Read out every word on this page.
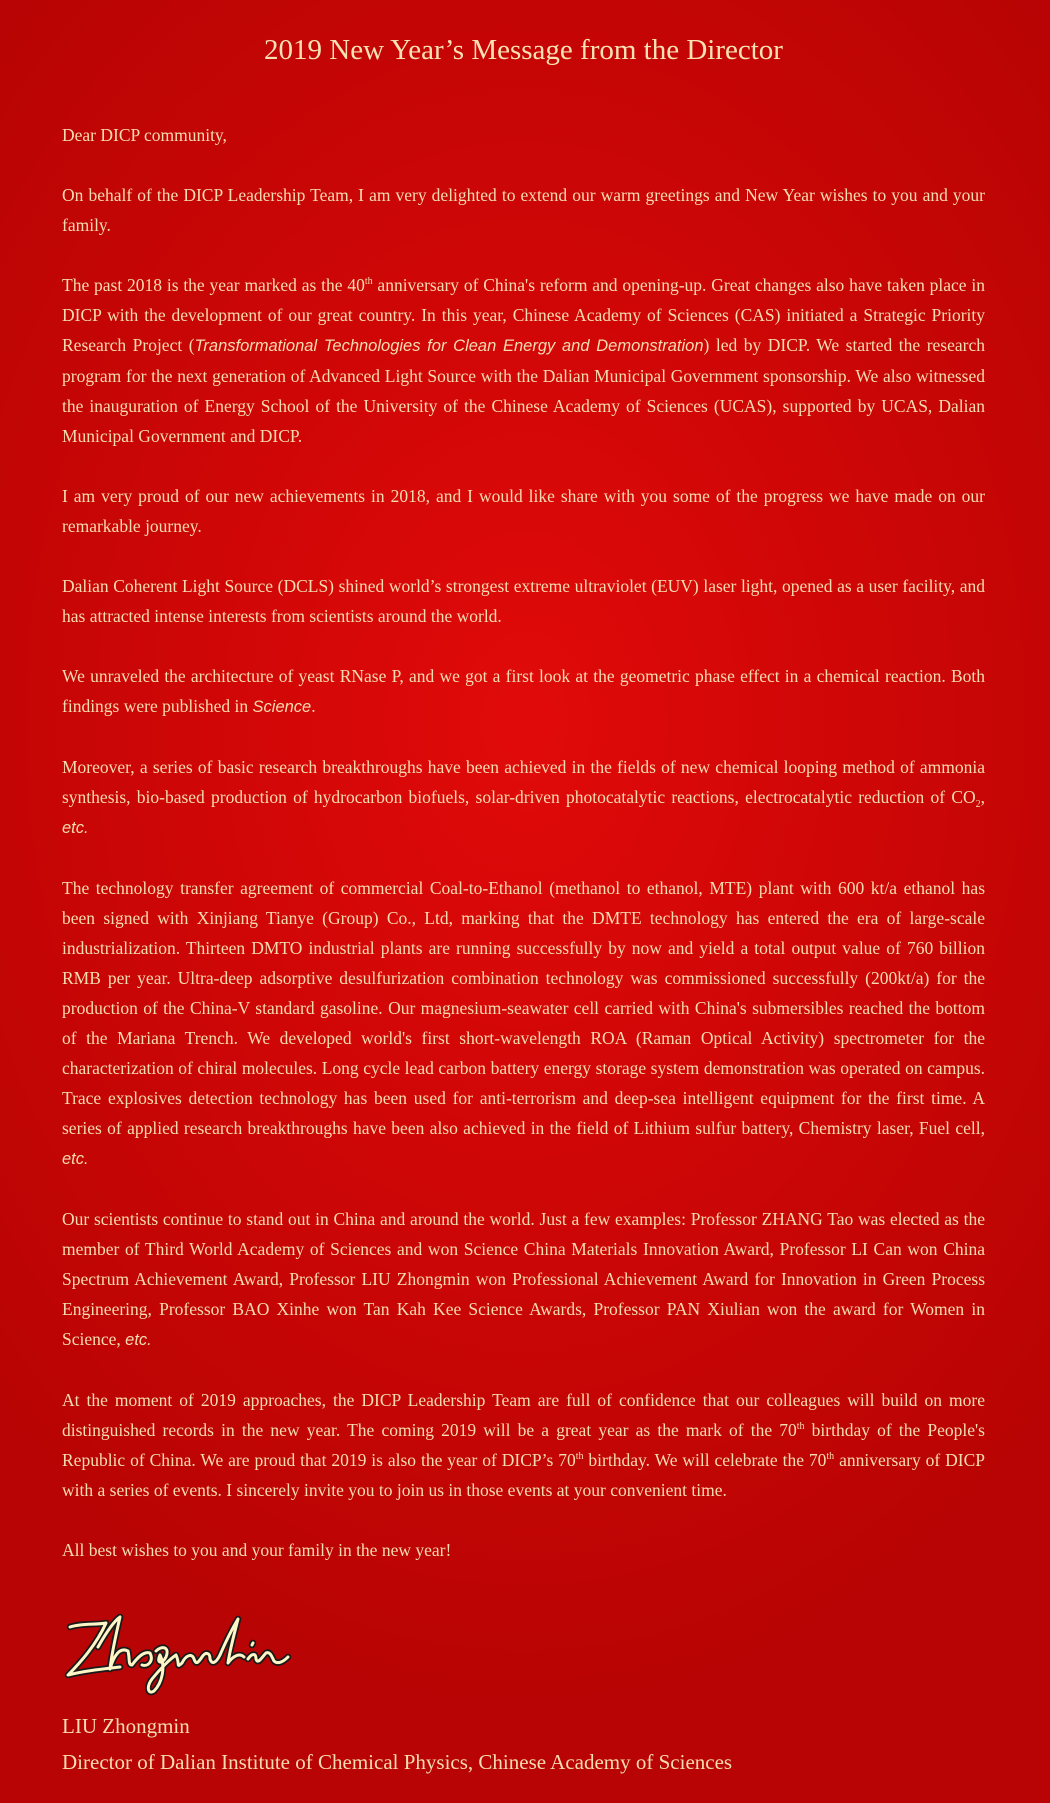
2019 New Year’s Message from the Director

Dear DICP community,

On behalf of the DICP Leadership Team, I am very delighted to extend our warm greetings and New Year wishes to you and your family.

The past 2018 is the year marked as the 40th anniversary of China's reform and opening-up. Great changes also have taken place in DICP with the development of our great country. In this year, Chinese Academy of Sciences (CAS) initiated a Strategic Priority Research Project (Transformational Technologies for Clean Energy and Demonstration) led by DICP. We started the research program for the next generation of Advanced Light Source with the Dalian Municipal Government sponsorship. We also witnessed the inauguration of Energy School of the University of the Chinese Academy of Sciences (UCAS), supported by UCAS, Dalian Municipal Government and DICP.

I am very proud of our new achievements in 2018, and I would like share with you some of the progress we have made on our remarkable journey.

Dalian Coherent Light Source (DCLS) shined world’s strongest extreme ultraviolet (EUV) laser light, opened as a user facility, and has attracted intense interests from scientists around the world.

We unraveled the architecture of yeast RNase P, and we got a first look at the geometric phase effect in a chemical reaction. Both findings were published in Science.

Moreover, a series of basic research breakthroughs have been achieved in the fields of new chemical looping method of ammonia synthesis, bio-based production of hydrocarbon biofuels, solar-driven photocatalytic reactions, electrocatalytic reduction of $CO_2$, etc.

The technology transfer agreement of commercial Coal-to-Ethanol (methanol to ethanol, MTE) plant with 600 kt/a ethanol has been signed with Xinjiang Tianye (Group) Co., Ltd, marking that the DMTE technology has entered the era of large-scale industrialization. Thirteen DMTO industrial plants are running successfully by now and yield a total output value of 760 billion RMB per year. Ultra-deep adsorptive desulfurization combination technology was commissioned successfully (200kt/a) for the production of the China-V standard gasoline. Our magnesium-seawater cell carried with China's submersibles reached the bottom of the Mariana Trench. We developed world's first short-wavelength ROA (Raman Optical Activity) spectrometer for the characterization of chiral molecules. Long cycle lead carbon battery energy storage system demonstration was operated on campus. Trace explosives detection technology has been used for anti-terrorism and deep-sea intelligent equipment for the first time. A series of applied research breakthroughs have been also achieved in the field of Lithium sulfur battery, Chemistry laser, Fuel cell, etc.

Our scientists continue to stand out in China and around the world. Just a few examples: Professor ZHANG Tao was elected as the member of Third World Academy of Sciences and won Science China Materials Innovation Award, Professor LI Can won China Spectrum Achievement Award, Professor LIU Zhongmin won Professional Achievement Award for Innovation in Green Process Engineering, Professor BAO Xinhe won Tan Kah Kee Science Awards, Professor PAN Xiulian won the award for Women in Science, etc.

At the moment of 2019 approaches, the DICP Leadership Team are full of confidence that our colleagues will build on more distinguished records in the new year. The coming 2019 will be a great year as the mark of the 70th birthday of the People's Republic of China. We are proud that 2019 is also the year of DICP’s 70th birthday. We will celebrate the 70th anniversary of DICP with a series of events. I sincerely invite you to join us in those events at your convenient time.

All best wishes to you and your family in the new year!

LIU Zhongmin

Director of Dalian Institute of Chemical Physics, Chinese Academy of Sciences
